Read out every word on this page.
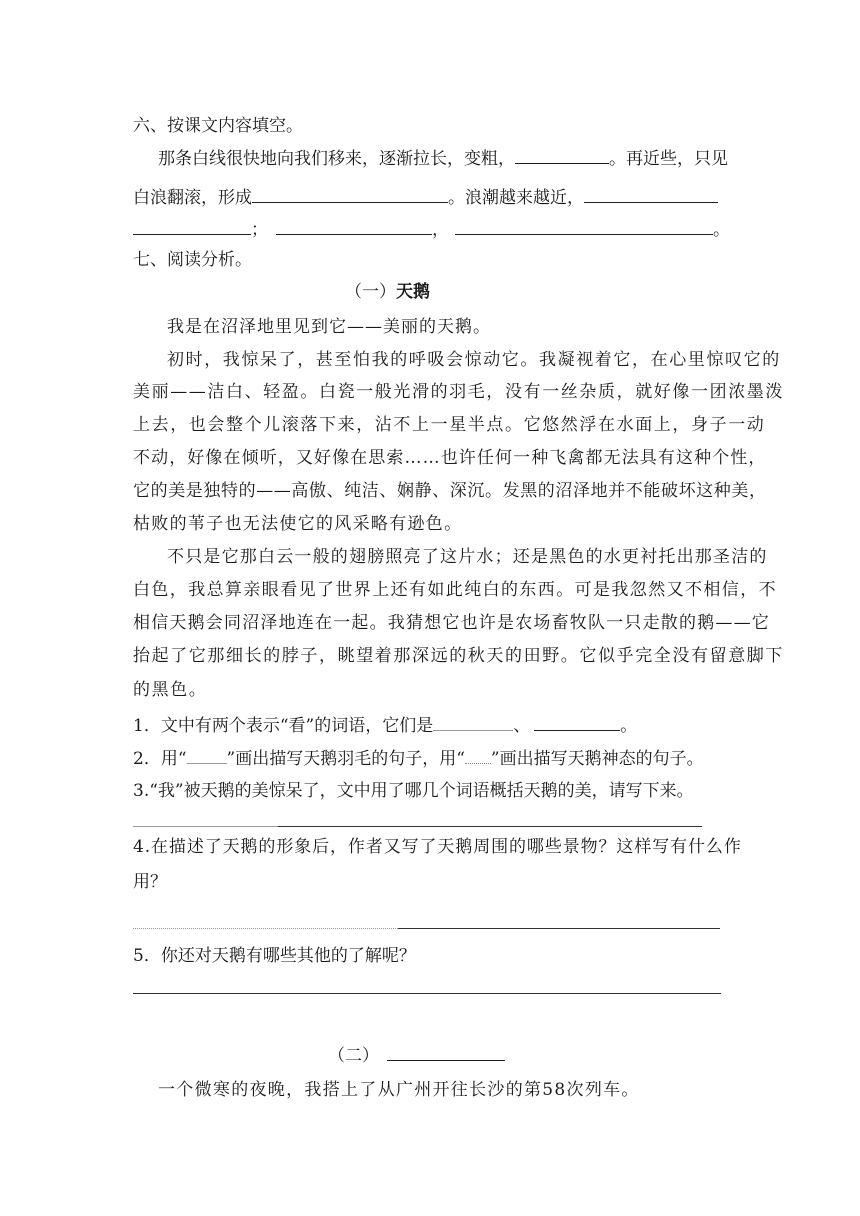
六、按课文内容填空。
那条白线很快地向我们移来，逐渐拉长，变粗，	。再近些，只见
白浪翻滚，形成	。浪潮越来越近，
；	，	。
七、阅读分析。
（一）天鹅
我是在沼泽地里见到它——美丽的天鹅。
初时，我惊呆了，甚至怕我的呼吸会惊动它。我凝视着它，在心里惊叹它的
美丽——洁白、轻盈。白瓷一般光滑的羽毛，没有一丝杂质，就好像一团浓墨泼
上去，也会整个儿滚落下来，沾不上一星半点。它悠然浮在水面上，身子一动
不动，好像在倾听，又好像在思索……也许任何一种飞禽都无法具有这种个性，
它的美是独特的——高傲、纯洁、娴静、深沉。发黑的沼泽地并不能破坏这种美，
枯败的苇子也无法使它的风采略有逊色。
不只是它那白云一般的翅膀照亮了这片水；还是黑色的水更衬托出那圣洁的
白色，我总算亲眼看见了世界上还有如此纯白的东西。可是我忽然又不相信，不
相信天鹅会同沼泽地连在一起。我猜想它也许是农场畜牧队一只走散的鹅——它
抬起了它那细长的脖子，眺望着那深远的秋天的田野。它似乎完全没有留意脚下
的黑色。
1．文中有两个表示“看”的词语，它们是	、	。
2．用“ ”画出描写天鹅羽毛的句子，用“ ”画出描写天鹅神态的句子。
3.“我”被天鹅的美惊呆了，文中用了哪几个词语概括天鹅的美，请写下来。
4.在描述了天鹅的形象后，作者又写了天鹅周围的哪些景物？这样写有什么作
用？
5．你还对天鹅有哪些其他的了解呢？
（二）
一个微寒的夜晚，我搭上了从广州开往长沙的第58次列车。
